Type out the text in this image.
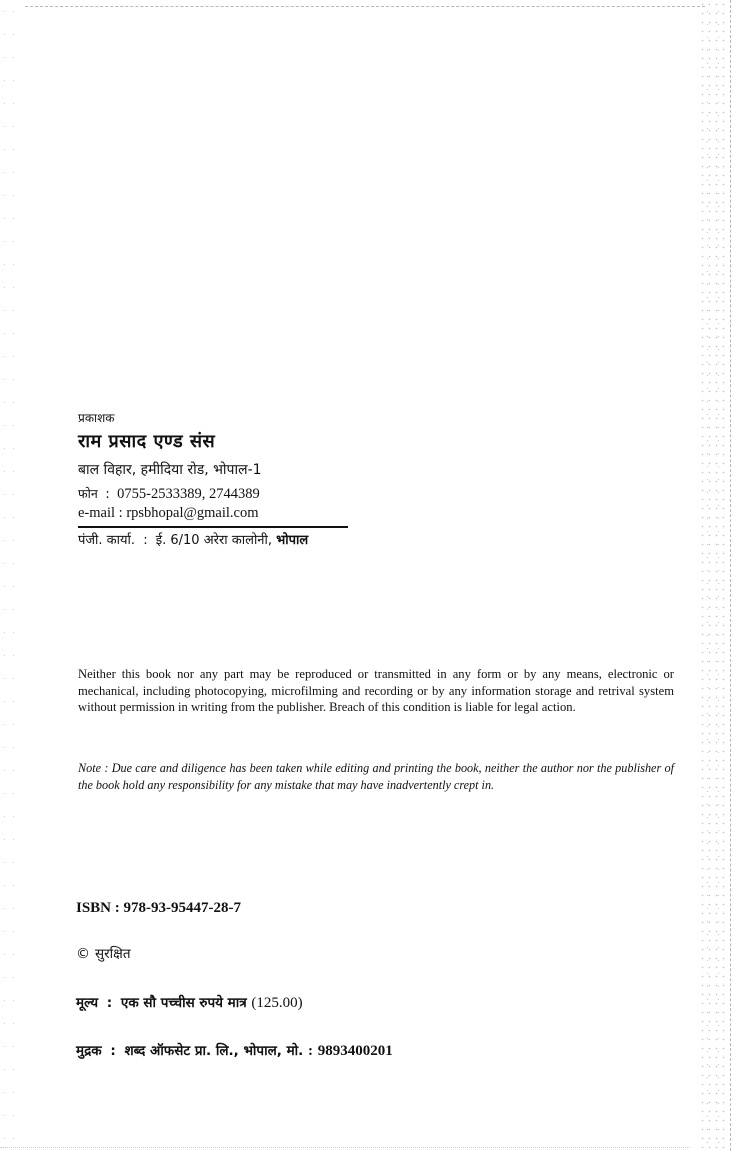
प्रकाशक
राम प्रसाद एण्ड संस
बाल विहार, हमीदिया रोड, भोपाल-1
फोन : 0755-2533389, 2744389
e-mail : rpsbhopal@gmail.com
पंजी. कार्या. : ई. 6/10 अरेरा कालोनी, भोपाल

Neither this book nor any part may be reproduced or transmitted in any form or by any means, electronic or mechanical, including photocopying, microfilming and recording or by any information storage and retrival system without permission in writing from the publisher. Breach of this condition is liable for legal action.

Note : Due care and diligence has been taken while editing and printing the book, neither the author nor the publisher of the book hold any responsibility for any mistake that may have inadvertently crept in.

ISBN : 978-93-95447-28-7
© सुरक्षित
मूल्य : एक सौ पच्चीस रुपये मात्र (125.00)
मुद्रक : शब्द ऑफसेट प्रा. लि., भोपाल, मो. : 9893400201
